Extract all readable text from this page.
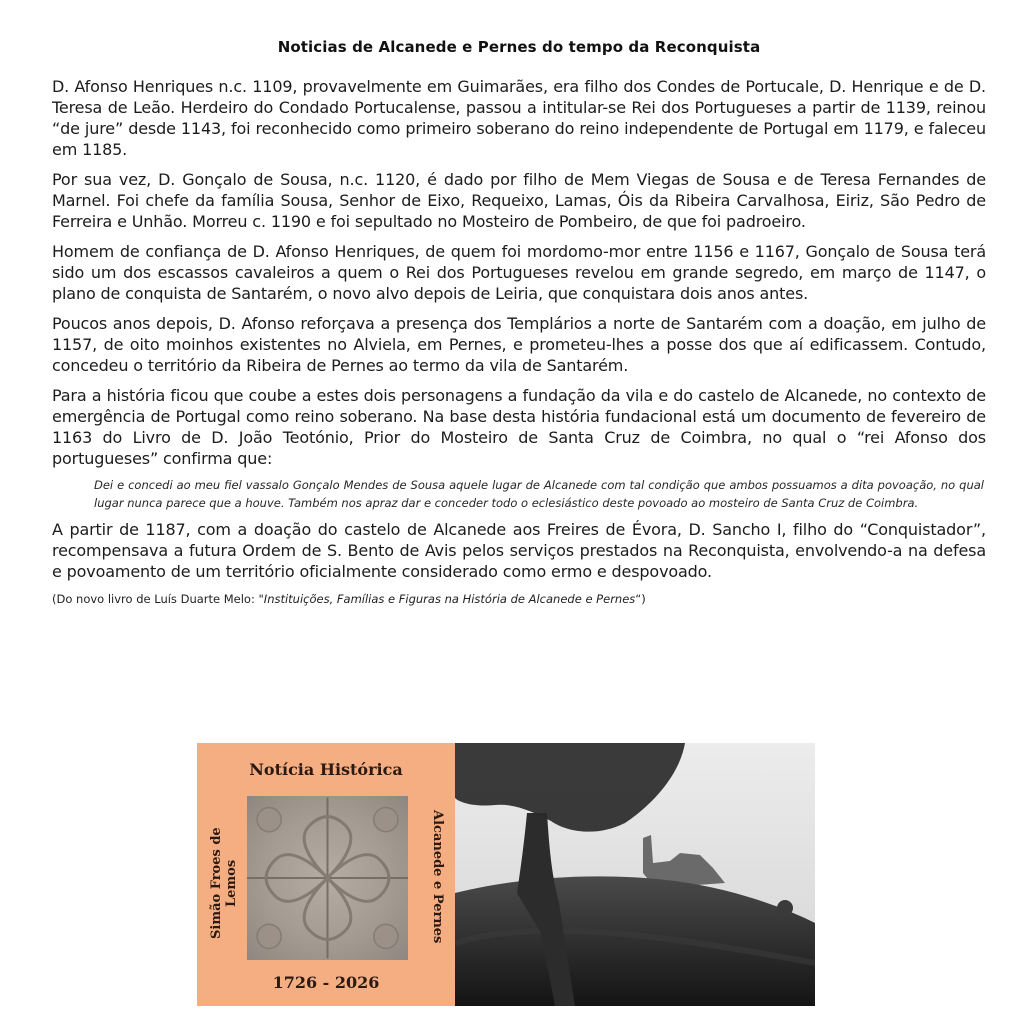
Noticias de Alcanede e Pernes do tempo da Reconquista

D. Afonso Henriques n.c. 1109, provavelmente em Guimarães, era filho dos Condes de Portucale, D. Henrique e de D. Teresa de Leão. Herdeiro do Condado Portucalense, passou a intitular-se Rei dos Portugueses a partir de 1139, reinou “de jure” desde 1143, foi reconhecido como primeiro soberano do reino independente de Portugal em 1179, e faleceu em 1185.

Por sua vez, D. Gonçalo de Sousa, n.c. 1120, é dado por filho de Mem Viegas de Sousa e de Teresa Fernandes de Marnel. Foi chefe da família Sousa, Senhor de Eixo, Requeixo, Lamas, Óis da Ribeira Carvalhosa, Eiriz, São Pedro de Ferreira e Unhão. Morreu c. 1190 e foi sepultado no Mosteiro de Pombeiro, de que foi padroeiro.

Homem de confiança de D. Afonso Henriques, de quem foi mordomo-mor entre 1156 e 1167, Gonçalo de Sousa terá sido um dos escassos cavaleiros a quem o Rei dos Portugueses revelou em grande segredo, em março de 1147, o plano de conquista de Santarém, o novo alvo depois de Leiria, que conquistara dois anos antes.

Poucos anos depois, D. Afonso reforçava a presença dos Templários a norte de Santarém com a doação, em julho de 1157, de oito moinhos existentes no Alviela, em Pernes, e prometeu-lhes a posse dos que aí edificassem. Contudo, concedeu o território da Ribeira de Pernes ao termo da vila de Santarém.

Para a história ficou que coube a estes dois personagens a fundação da vila e do castelo de Alcanede, no contexto de emergência de Portugal como reino soberano. Na base desta história fundacional está um documento de fevereiro de 1163 do Livro de D. João Teotónio, Prior do Mosteiro de Santa Cruz de Coimbra, no qual o “rei Afonso dos portugueses” confirma que:

Dei e concedi ao meu fiel vassalo Gonçalo Mendes de Sousa aquele lugar de Alcanede com tal condição que ambos possuamos a dita povoação, no qual lugar nunca parece que a houve. Também nos apraz dar e conceder todo o eclesiástico deste povoado ao mosteiro de Santa Cruz de Coimbra.

A partir de 1187, com a doação do castelo de Alcanede aos Freires de Évora, D. Sancho I, filho do “Conquistador”, recompensava a futura Ordem de S. Bento de Avis pelos serviços prestados na Reconquista, envolvendo-a na defesa e povoamento de um território oficialmente considerado como ermo e despovoado.

(Do novo livro de Luís Duarte Melo: "Instituições, Famílias e Figuras na História de Alcanede e Pernes“)

Notícia Histórica
Simão Froes de Lemos	Alcanede e Pernes
1726 - 2026
